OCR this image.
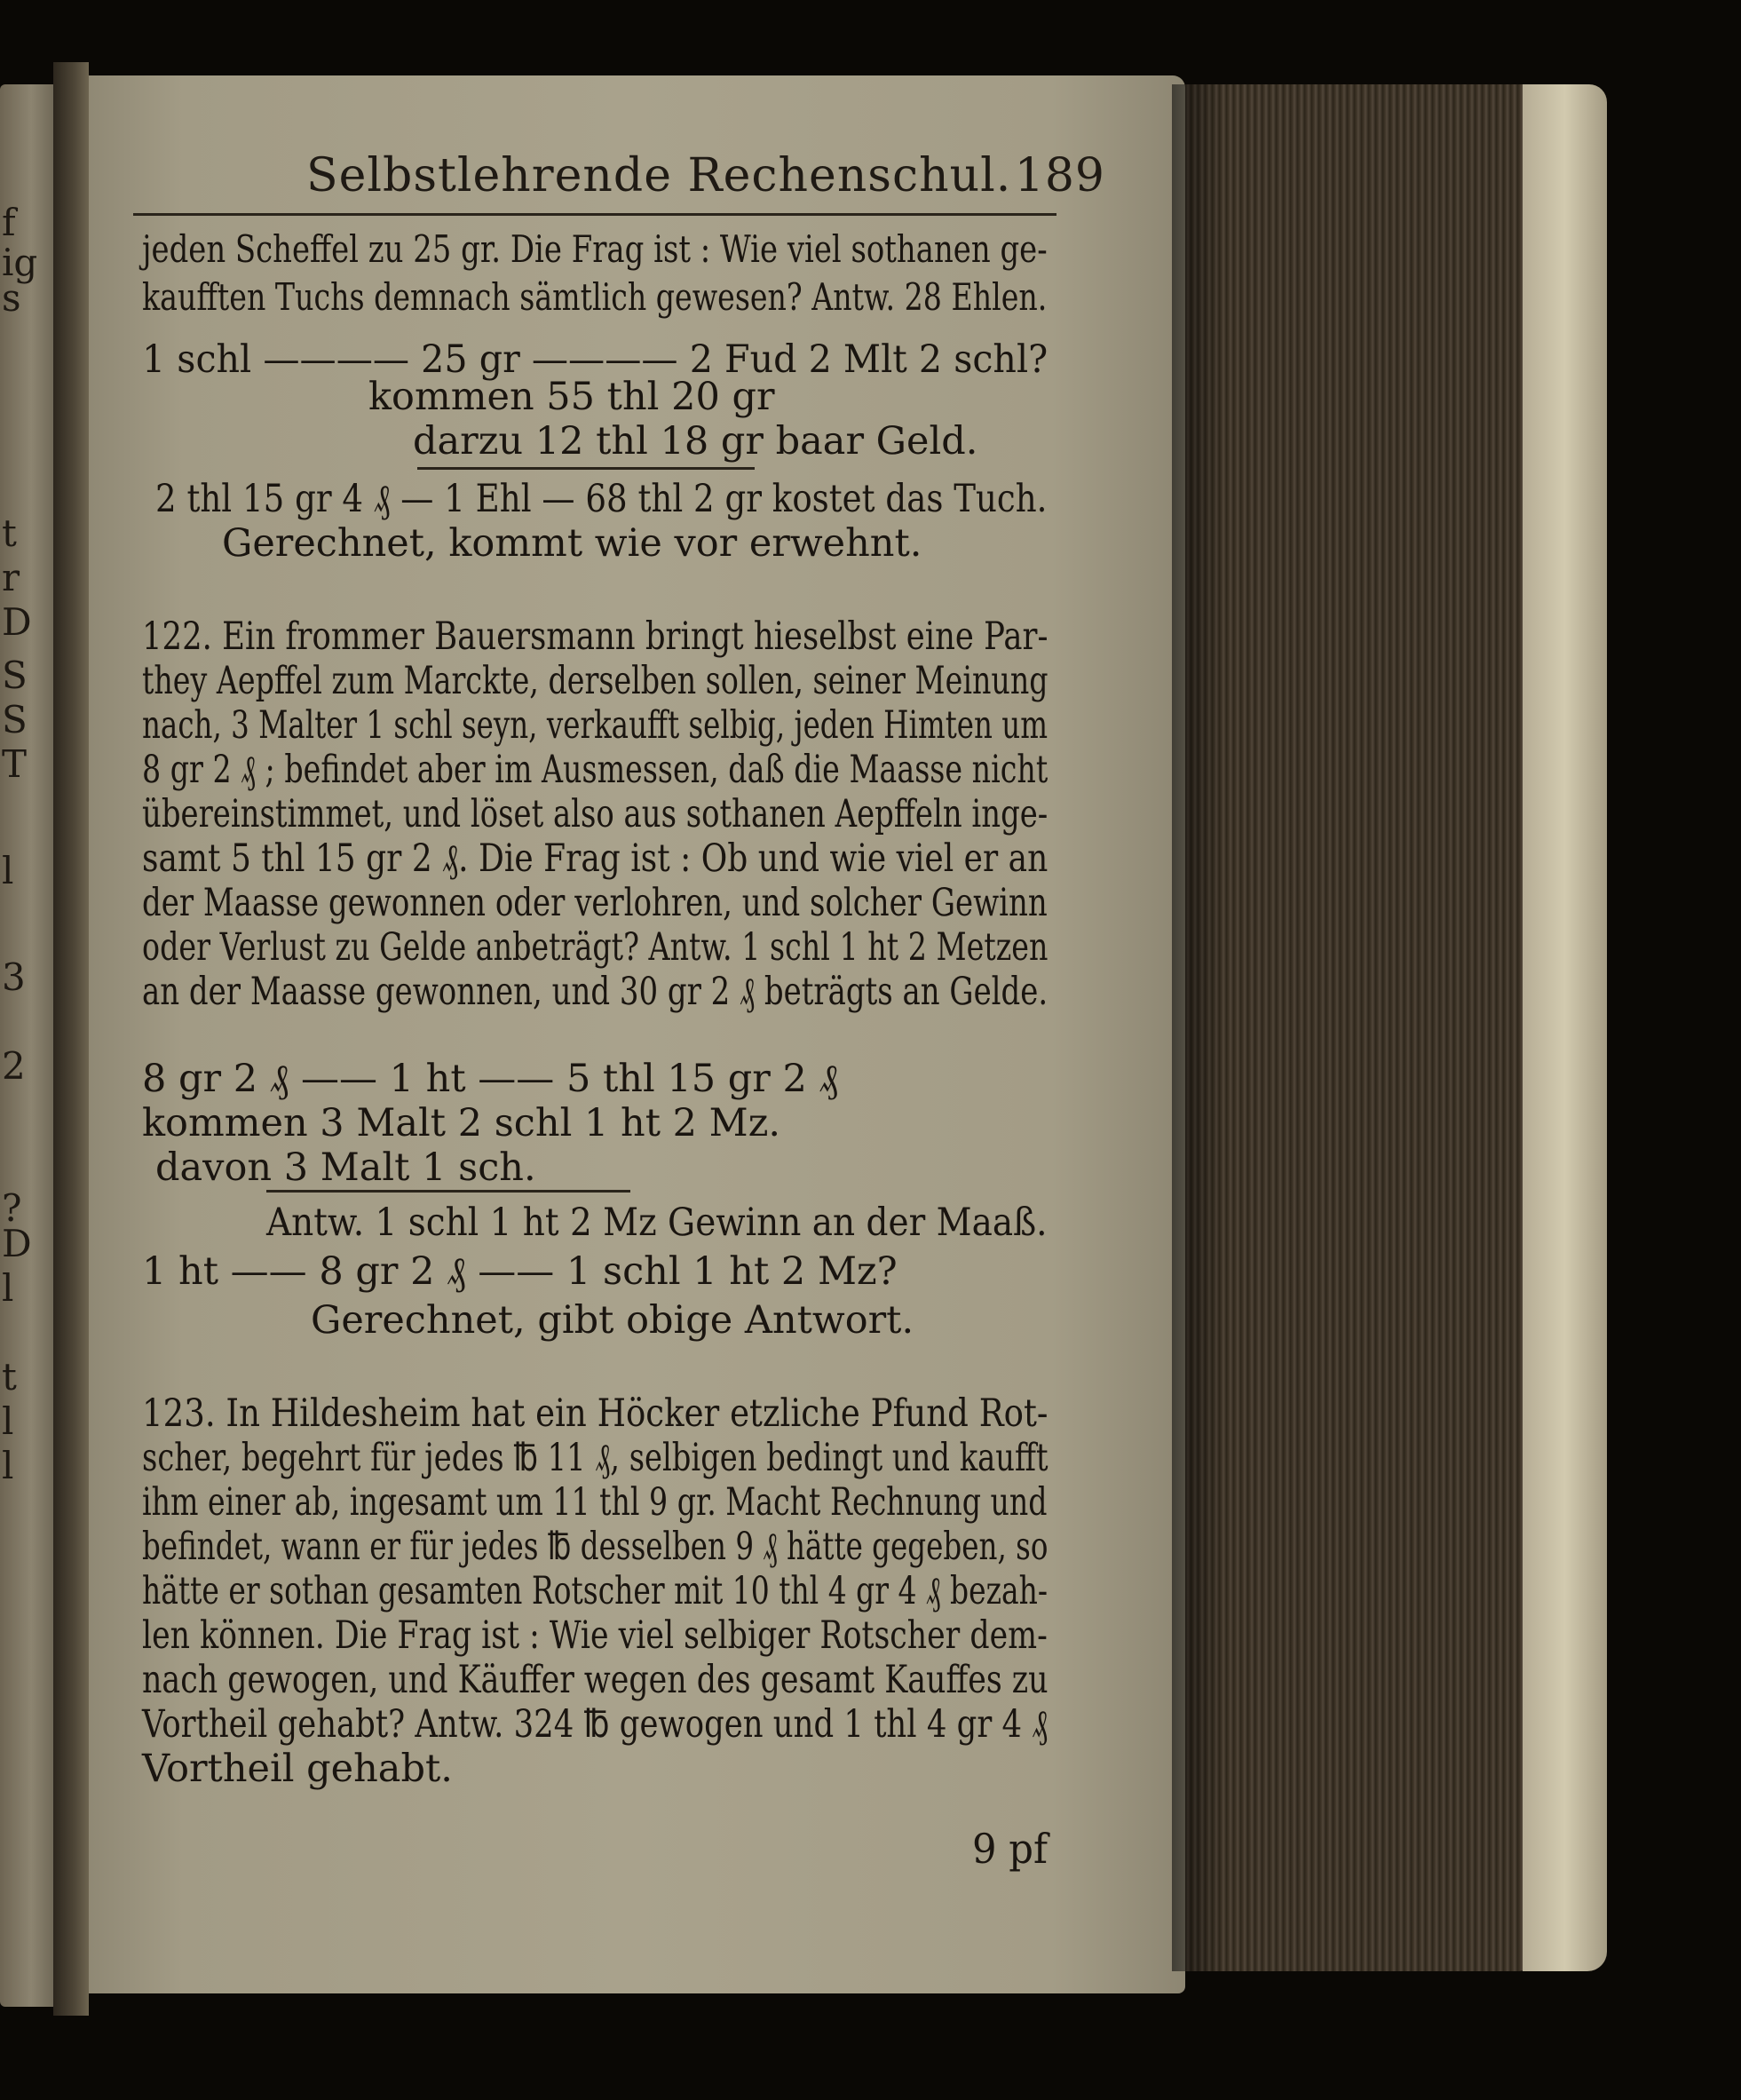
f
ig
s
t
r
D
S
S
T
l
3
2
?
D
l
t
l
l
Selbstlehrende Rechenschul. 189
jeden Scheffel zu 25 gr. Die Frag ist : Wie viel sothanen ge-
kaufften Tuchs demnach sämtlich gewesen? Antw. 28 Ehlen.
1 schl ———— 25 gr ———— 2 Fud 2 Mlt 2 schl?
kommen 55 thl 20 gr
darzu 12 thl 18 gr baar Geld.
2 thl 15 gr 4 ₰ — 1 Ehl — 68 thl 2 gr kostet das Tuch.
Gerechnet, kommt wie vor erwehnt.
122. Ein frommer Bauersmann bringt hieselbst eine Par-
they Aepffel zum Marckte, derselben sollen, seiner Meinung
nach, 3 Malter 1 schl seyn, verkaufft selbig, jeden Himten um
8 gr 2 ₰ ; befindet aber im Ausmessen, daß die Maasse nicht
übereinstimmet, und löset also aus sothanen Aepffeln inge-
samt 5 thl 15 gr 2 ₰. Die Frag ist : Ob und wie viel er an
der Maasse gewonnen oder verlohren, und solcher Gewinn
oder Verlust zu Gelde anbeträgt? Antw. 1 schl 1 ht 2 Metzen
an der Maasse gewonnen, und 30 gr 2 ₰ beträgts an Gelde.
8 gr 2 ₰ —— 1 ht —— 5 thl 15 gr 2 ₰
kommen 3 Malt 2 schl 1 ht 2 Mz.
davon 3 Malt 1 sch.
Antw. 1 schl 1 ht 2 Mz Gewinn an der Maaß.
1 ht —— 8 gr 2 ₰ —— 1 schl 1 ht 2 Mz?
Gerechnet, gibt obige Antwort.
123. In Hildesheim hat ein Höcker etzliche Pfund Rot-
scher, begehrt für jedes ℔ 11 ₰, selbigen bedingt und kaufft
ihm einer ab, ingesamt um 11 thl 9 gr. Macht Rechnung und
befindet, wann er für jedes ℔ desselben 9 ₰ hätte gegeben, so
hätte er sothan gesamten Rotscher mit 10 thl 4 gr 4 ₰ bezah-
len können. Die Frag ist : Wie viel selbiger Rotscher dem-
nach gewogen, und Käuffer wegen des gesamt Kauffes zu
Vortheil gehabt? Antw. 324 ℔ gewogen und 1 thl 4 gr 4 ₰
Vortheil gehabt.
9 pf
